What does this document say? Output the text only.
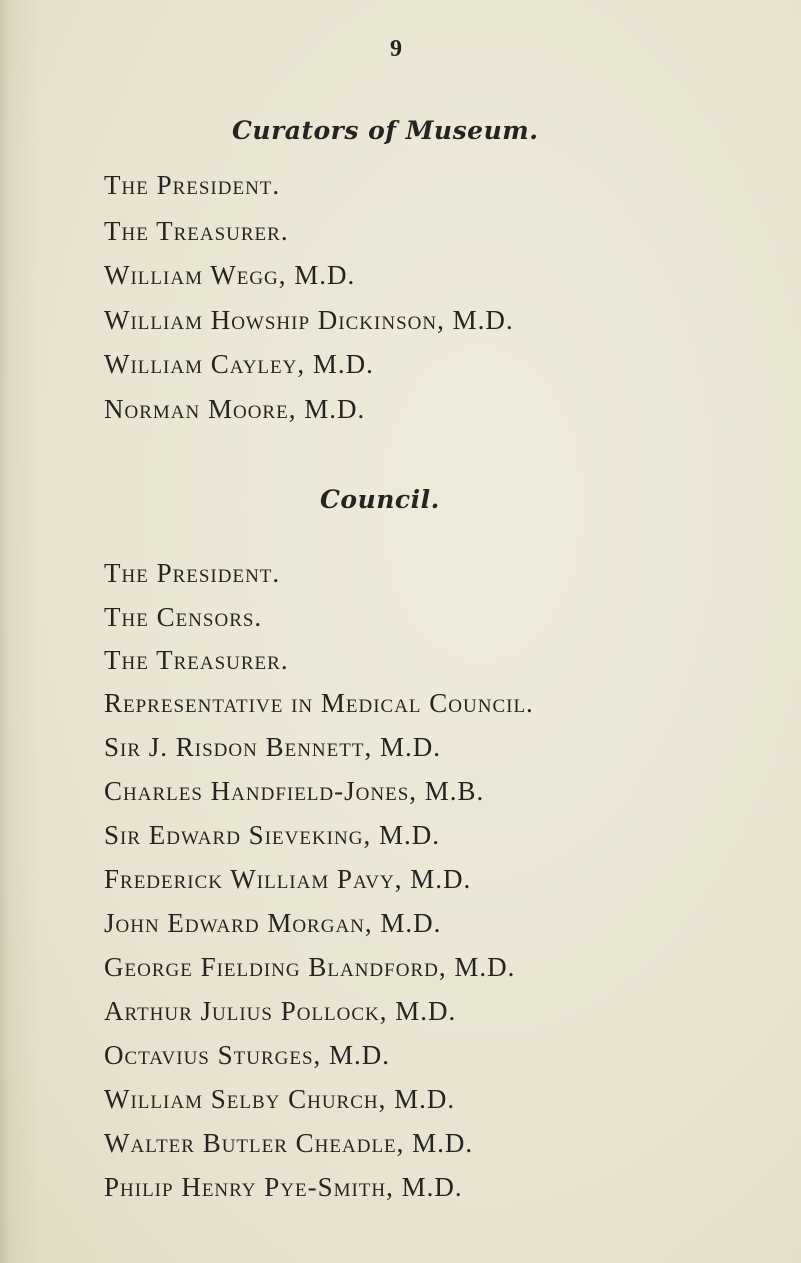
9
Curators of Museum.
The President.
The Treasurer.
William Wegg, M.D.
William Howship Dickinson, M.D.
William Cayley, M.D.
Norman Moore, M.D.
Council.
The President.
The Censors.
The Treasurer.
Representative in Medical Council.
Sir J. Risdon Bennett, M.D.
Charles Handfield-Jones, M.B.
Sir Edward Sieveking, M.D.
Frederick William Pavy, M.D.
John Edward Morgan, M.D.
George Fielding Blandford, M.D.
Arthur Julius Pollock, M.D.
Octavius Sturges, M.D.
William Selby Church, M.D.
Walter Butler Cheadle, M.D.
Philip Henry Pye-Smith, M.D.
